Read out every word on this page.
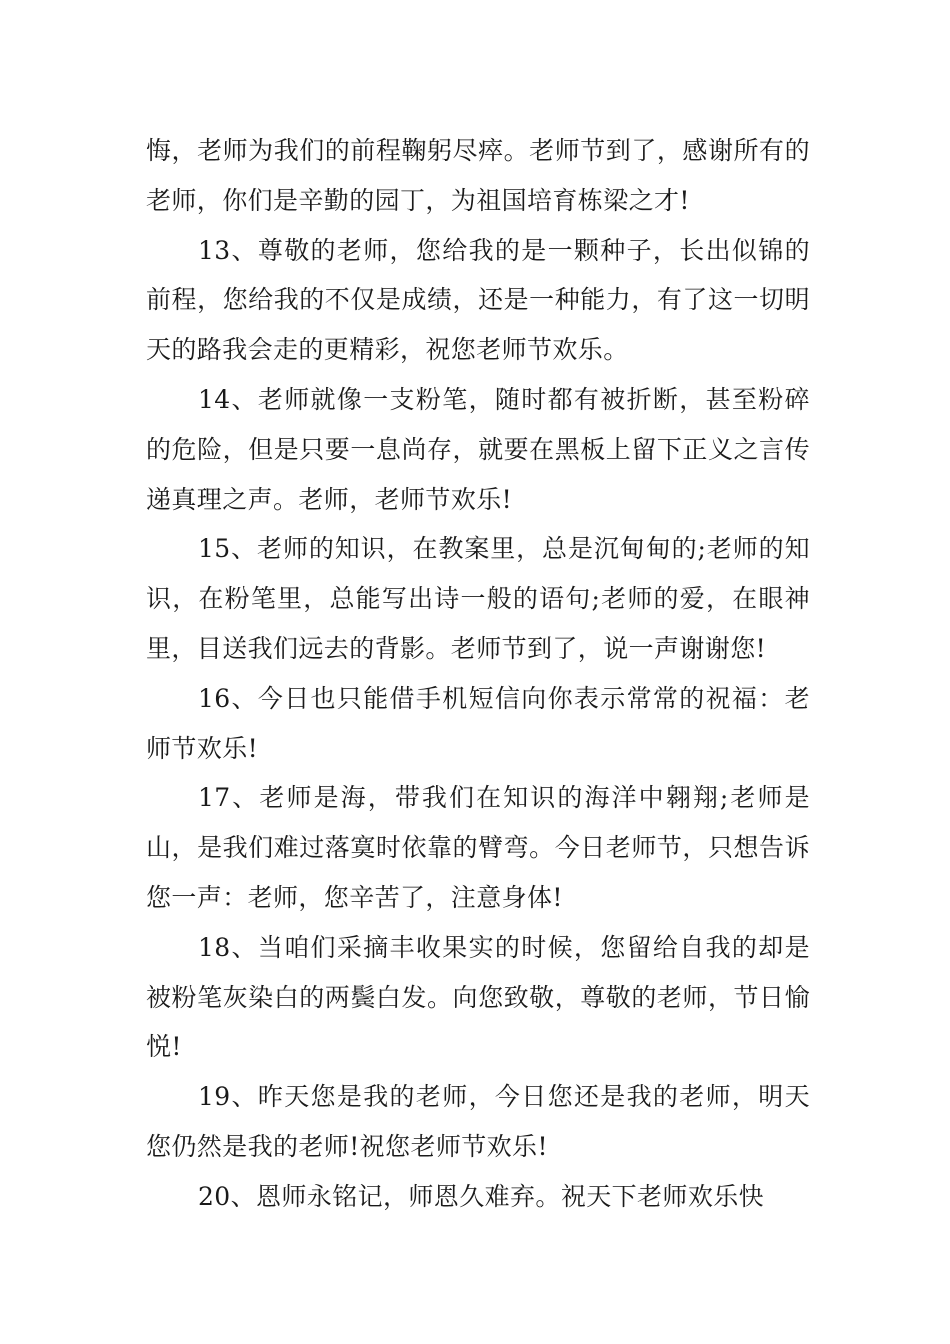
悔，老师为我们的前程鞠躬尽瘁。老师节到了，感谢所有的老师，你们是辛勤的园丁，为祖国培育栋梁之才!

13、尊敬的老师，您给我的是一颗种子，长出似锦的前程，您给我的不仅是成绩，还是一种能力，有了这一切明天的路我会走的更精彩，祝您老师节欢乐。

14、老师就像一支粉笔，随时都有被折断，甚至粉碎的危险，但是只要一息尚存，就要在黑板上留下正义之言传递真理之声。老师，老师节欢乐!

15、老师的知识，在教案里，总是沉甸甸的;老师的知识，在粉笔里，总能写出诗一般的语句;老师的爱，在眼神里，目送我们远去的背影。老师节到了，说一声谢谢您!

16、今日也只能借手机短信向你表示常常的祝福：老师节欢乐!

17、老师是海，带我们在知识的海洋中翱翔;老师是山，是我们难过落寞时依靠的臂弯。今日老师节，只想告诉您一声：老师，您辛苦了，注意身体!

18、当咱们采摘丰收果实的时候，您留给自我的却是被粉笔灰染白的两鬓白发。向您致敬，尊敬的老师，节日愉悦!

19、昨天您是我的老师，今日您还是我的老师，明天您仍然是我的老师!祝您老师节欢乐!

20、恩师永铭记，师恩久难弃。祝天下老师欢乐快
